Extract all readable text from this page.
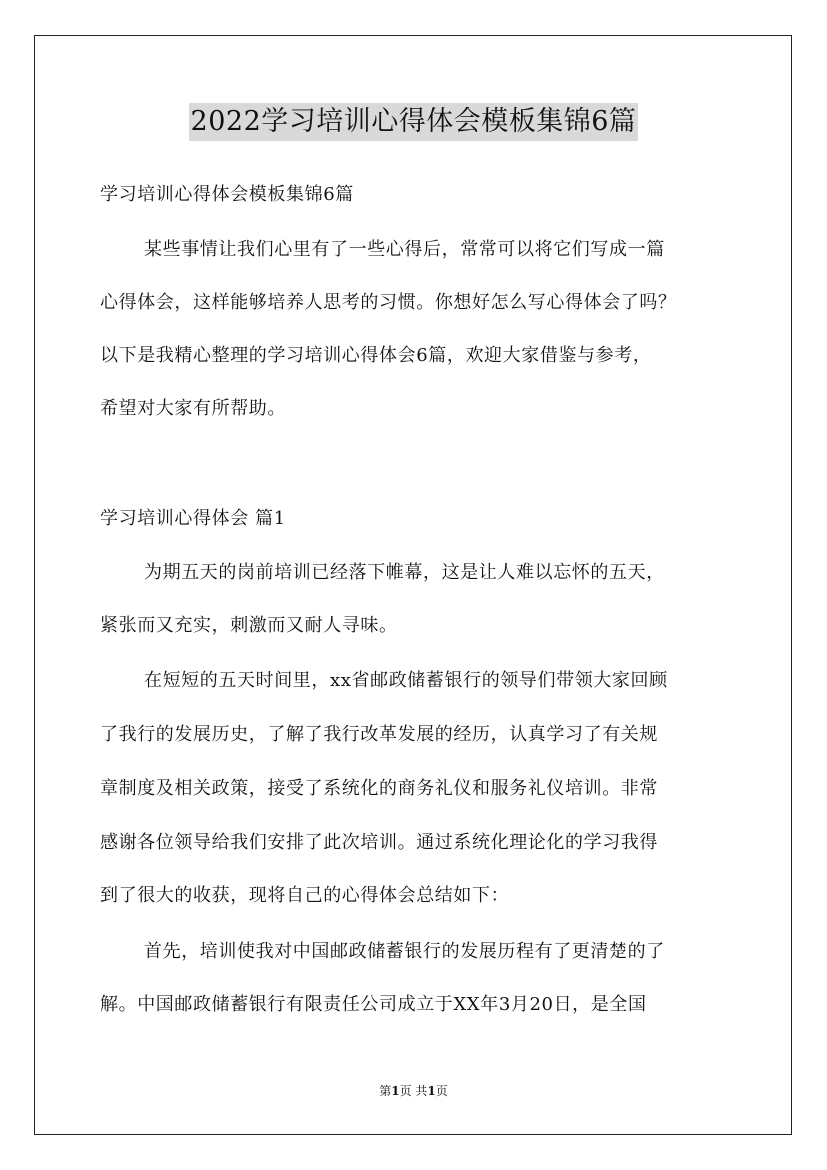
2022学习培训心得体会模板集锦6篇
学习培训心得体会模板集锦6篇
某些事情让我们心里有了一些心得后，常常可以将它们写成一篇
心得体会，这样能够培养人思考的习惯。你想好怎么写心得体会了吗？
以下是我精心整理的学习培训心得体会6篇，欢迎大家借鉴与参考，
希望对大家有所帮助。
学习培训心得体会 篇1
为期五天的岗前培训已经落下帷幕，这是让人难以忘怀的五天，
紧张而又充实，刺激而又耐人寻味。
在短短的五天时间里，xx省邮政储蓄银行的领导们带领大家回顾
了我行的发展历史，了解了我行改革发展的经历，认真学习了有关规
章制度及相关政策，接受了系统化的商务礼仪和服务礼仪培训。非常
感谢各位领导给我们安排了此次培训。通过系统化理论化的学习我得
到了很大的收获，现将自己的心得体会总结如下：
首先，培训使我对中国邮政储蓄银行的发展历程有了更清楚的了
解。中国邮政储蓄银行有限责任公司成立于XX年3月20日，是全国
第1页 共1页
